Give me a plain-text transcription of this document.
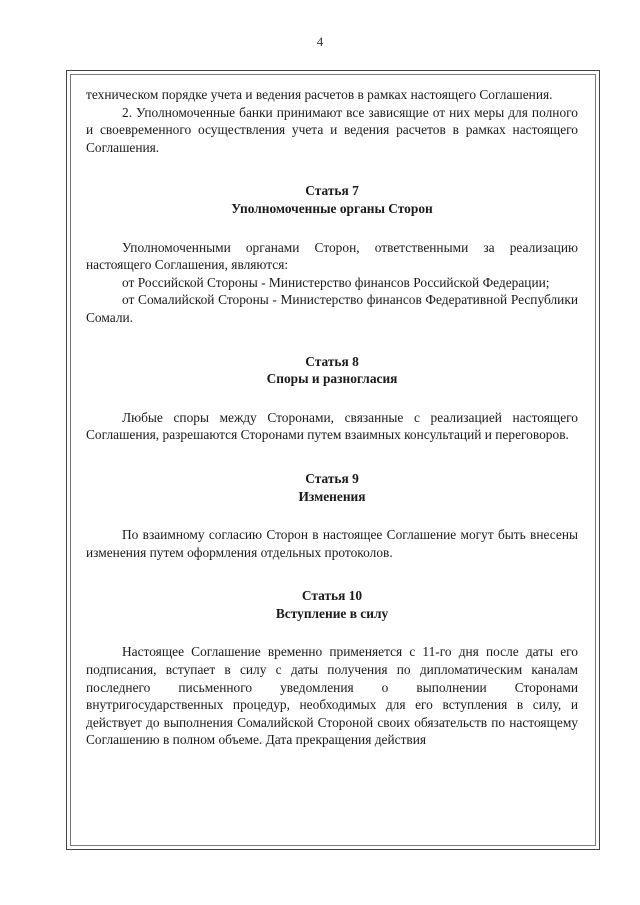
4

техническом порядке учета и ведения расчетов в рамках настоящего Соглашения.

2. Уполномоченные банки принимают все зависящие от них меры для полного и своевременного осуществления учета и ведения расчетов в рамках настоящего Соглашения.

Статья 7
Уполномоченные органы Сторон

Уполномоченными органами Сторон, ответственными за реализацию настоящего Соглашения, являются:

от Российской Стороны - Министерство финансов Российской Федерации;

от Сомалийской Стороны - Министерство финансов Федеративной Республики Сомали.

Статья 8
Споры и разногласия

Любые споры между Сторонами, связанные с реализацией настоящего Соглашения, разрешаются Сторонами путем взаимных консультаций и переговоров.

Статья 9
Изменения

По взаимному согласию Сторон в настоящее Соглашение могут быть внесены изменения путем оформления отдельных протоколов.

Статья 10
Вступление в силу

Настоящее Соглашение временно применяется с 11-го дня после даты его подписания, вступает в силу с даты получения по дипломатическим каналам последнего письменного уведомления о выполнении Сторонами внутригосударственных процедур, необходимых для его вступления в силу, и действует до выполнения Сомалийской Стороной своих обязательств по настоящему Соглашению в полном объеме. Дата прекращения действия
